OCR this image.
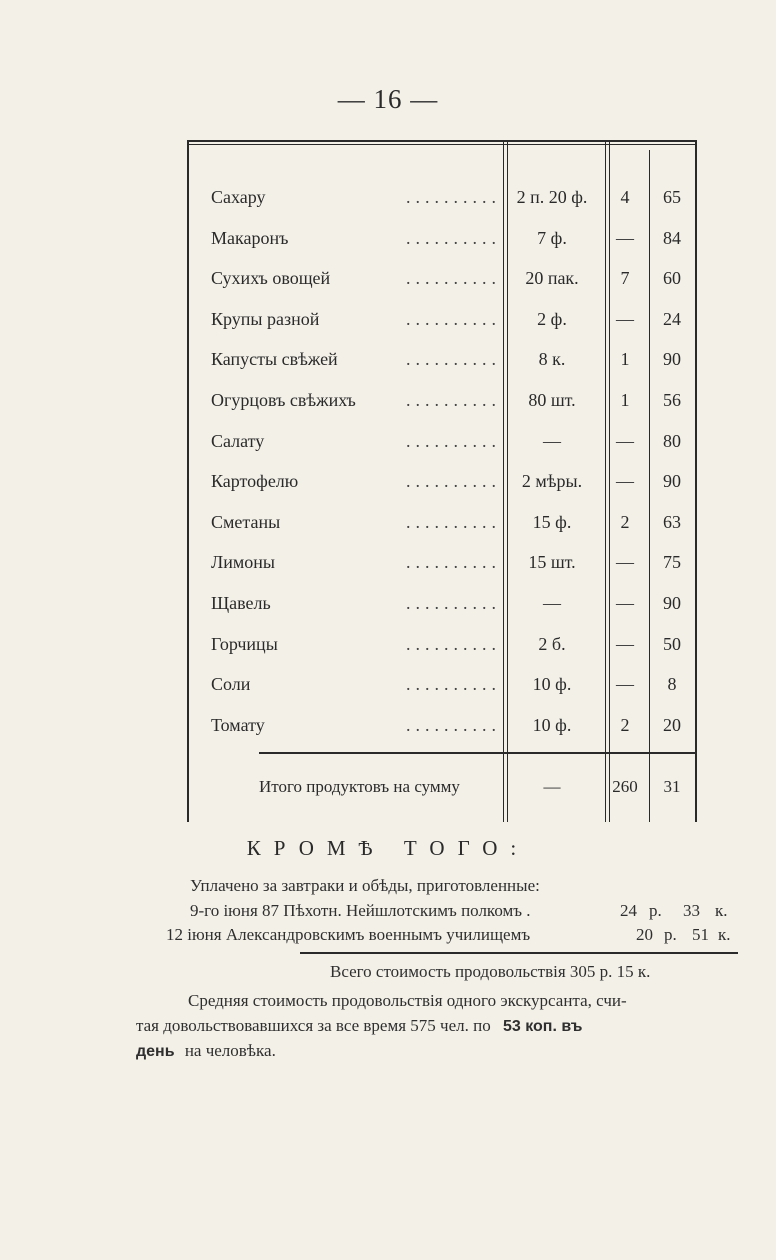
— 16 —
Сахару	.......... 2 п. 20 ф.	4	65
Макаронъ	..........	7 ф.	—	84
Сухихъ овощей	..........	20 пак.	7	60
Крупы разной	..........	2 ф.	—	24
Капусты свѣжей	..........	8 к.	1	90
Огурцовъ свѣжихъ	..........	80 шт.	1	56
Салату	..........	—	—	80
Картофелю	..........	2 мѣры.	—	90
Сметаны	..........	15 ф.	2	63
Лимоны	..........	15 шт.	—	75
Щавель	..........	—	—	90
Горчицы	..........	2 б.	—	50
Соли	..........	10 ф.	—	8
Томату	..........	10 ф.	2	20
Итого продуктовъ на сумму	—	260	31
КРОМѢ ТОГО:
Уплачено за завтраки и обѣды, приготовленные:
9-го іюня 87 Пѣхотн. Нейшлотскимъ полкомъ .	24 р. 33 к.
12 іюня Александровскимъ военнымъ училищемъ	20 р. 51 к.
Всего стоимость продовольствія 305 р. 15 к.
Средняя стоимость продовольствія одного экскурсанта, счи-
тая довольствовавшихся за все время 575 чел. по 53 коп. въ
день на человѣка.
